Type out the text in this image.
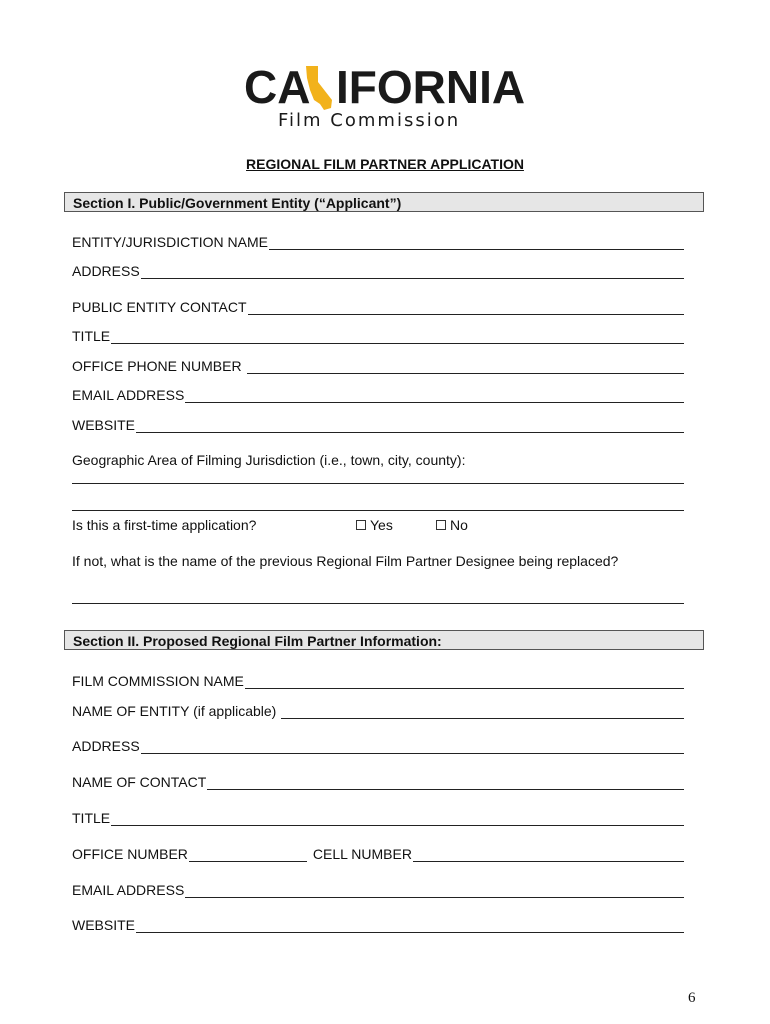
CA IFORNIA
Film Commission
REGIONAL FILM PARTNER APPLICATION
Section I. Public/Government Entity (“Applicant”)
ENTITY/JURISDICTION NAME
ADDRESS
PUBLIC ENTITY CONTACT
TITLE
OFFICE PHONE NUMBER
EMAIL ADDRESS
WEBSITE
Geographic Area of Filming Jurisdiction (i.e., town, city, county):
Is this a first-time application?	Yes	No
If not, what is the name of the previous Regional Film Partner Designee being replaced?
Section II. Proposed Regional Film Partner Information:
FILM COMMISSION NAME
NAME OF ENTITY (if applicable)
ADDRESS
NAME OF CONTACT
TITLE
OFFICE NUMBER	CELL NUMBER
EMAIL ADDRESS
WEBSITE
6
